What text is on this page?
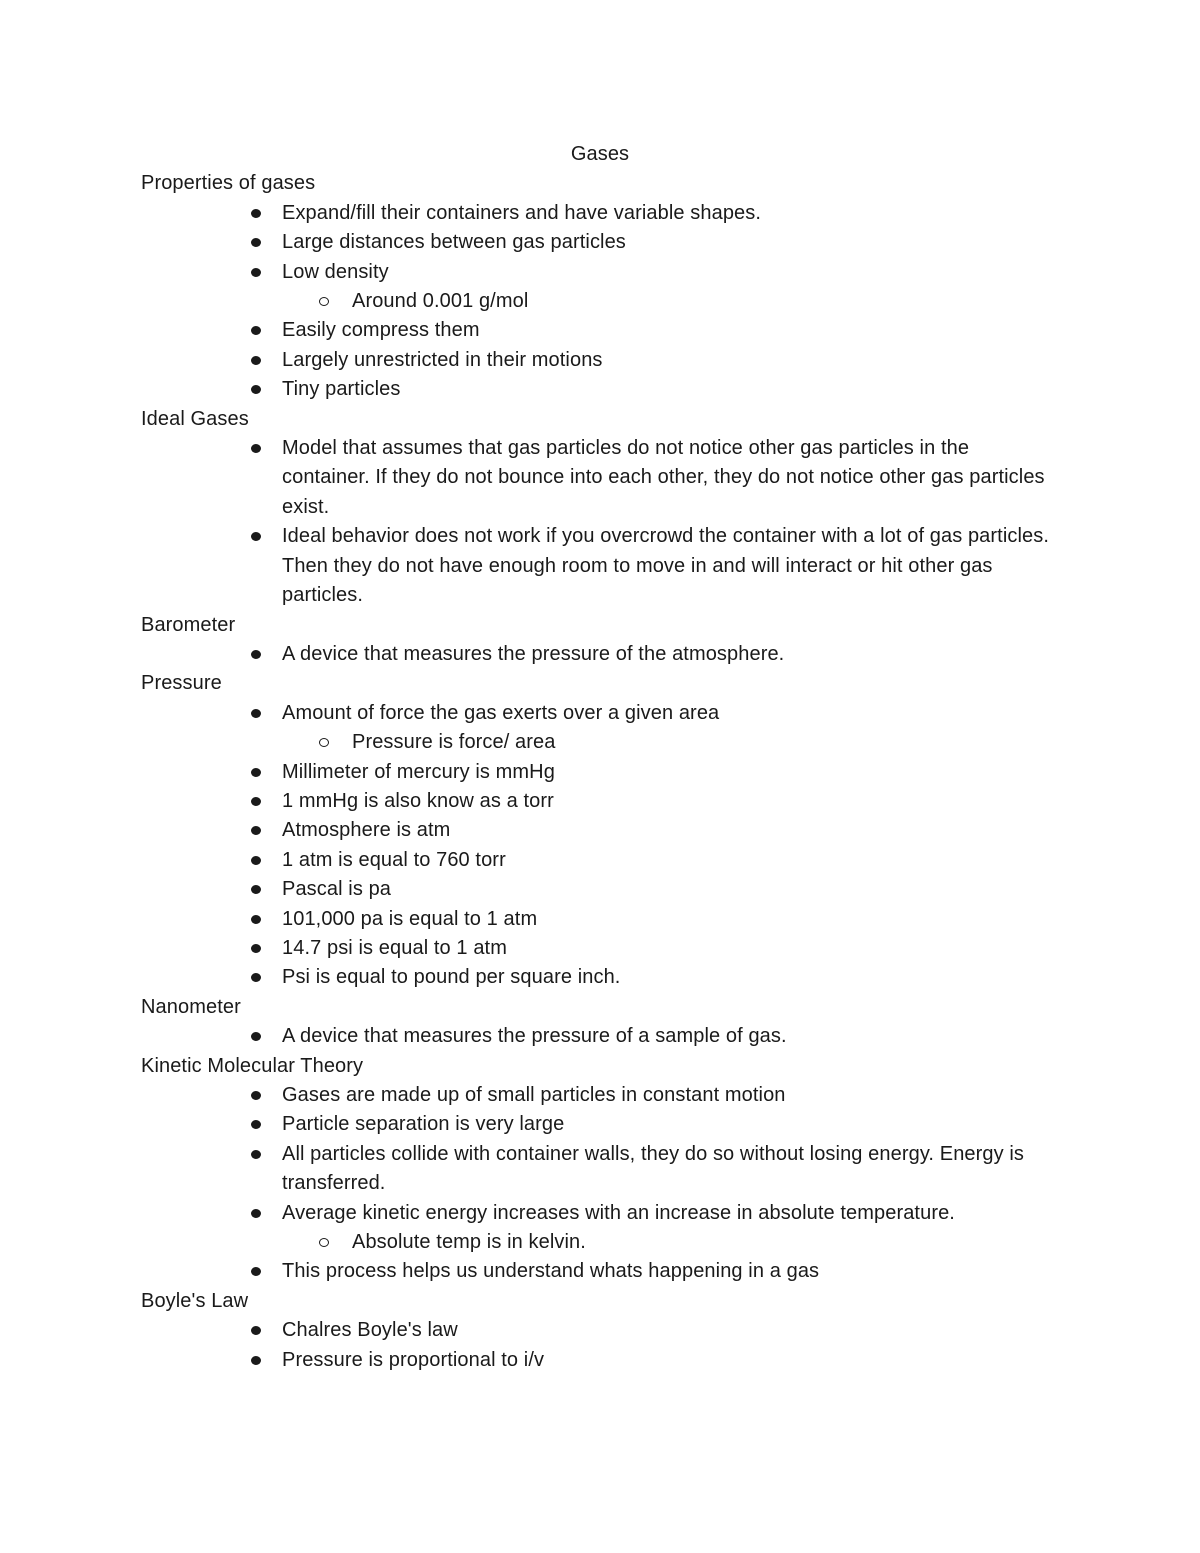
Gases

Properties of gases

Expand/fill their containers and have variable shapes.
Large distances between gas particles
Low density
Around 0.001 g/mol
Easily compress them
Largely unrestricted in their motions
Tiny particles

Ideal Gases

Model that assumes that gas particles do not notice other gas particles in the container. If they do not bounce into each other, they do not notice other gas particles exist.
Ideal behavior does not work if you overcrowd the container with a lot of gas particles. Then they do not have enough room to move in and will interact or hit other gas particles.

Barometer

A device that measures the pressure of the atmosphere.

Pressure

Amount of force the gas exerts over a given area
Pressure is force/ area
Millimeter of mercury is mmHg
1 mmHg is also know as a torr
Atmosphere is atm
1 atm is equal to 760 torr
Pascal is pa
101,000 pa is equal to 1 atm
14.7 psi is equal to 1 atm
Psi is equal to pound per square inch.

Nanometer

A device that measures the pressure of a sample of gas.

Kinetic Molecular Theory

Gases are made up of small particles in constant motion
Particle separation is very large
All particles collide with container walls, they do so without losing energy. Energy is transferred.
Average kinetic energy increases with an increase in absolute temperature.
Absolute temp is in kelvin.
This process helps us understand whats happening in a gas

Boyle's Law

Chalres Boyle's law
Pressure is proportional to i/v
